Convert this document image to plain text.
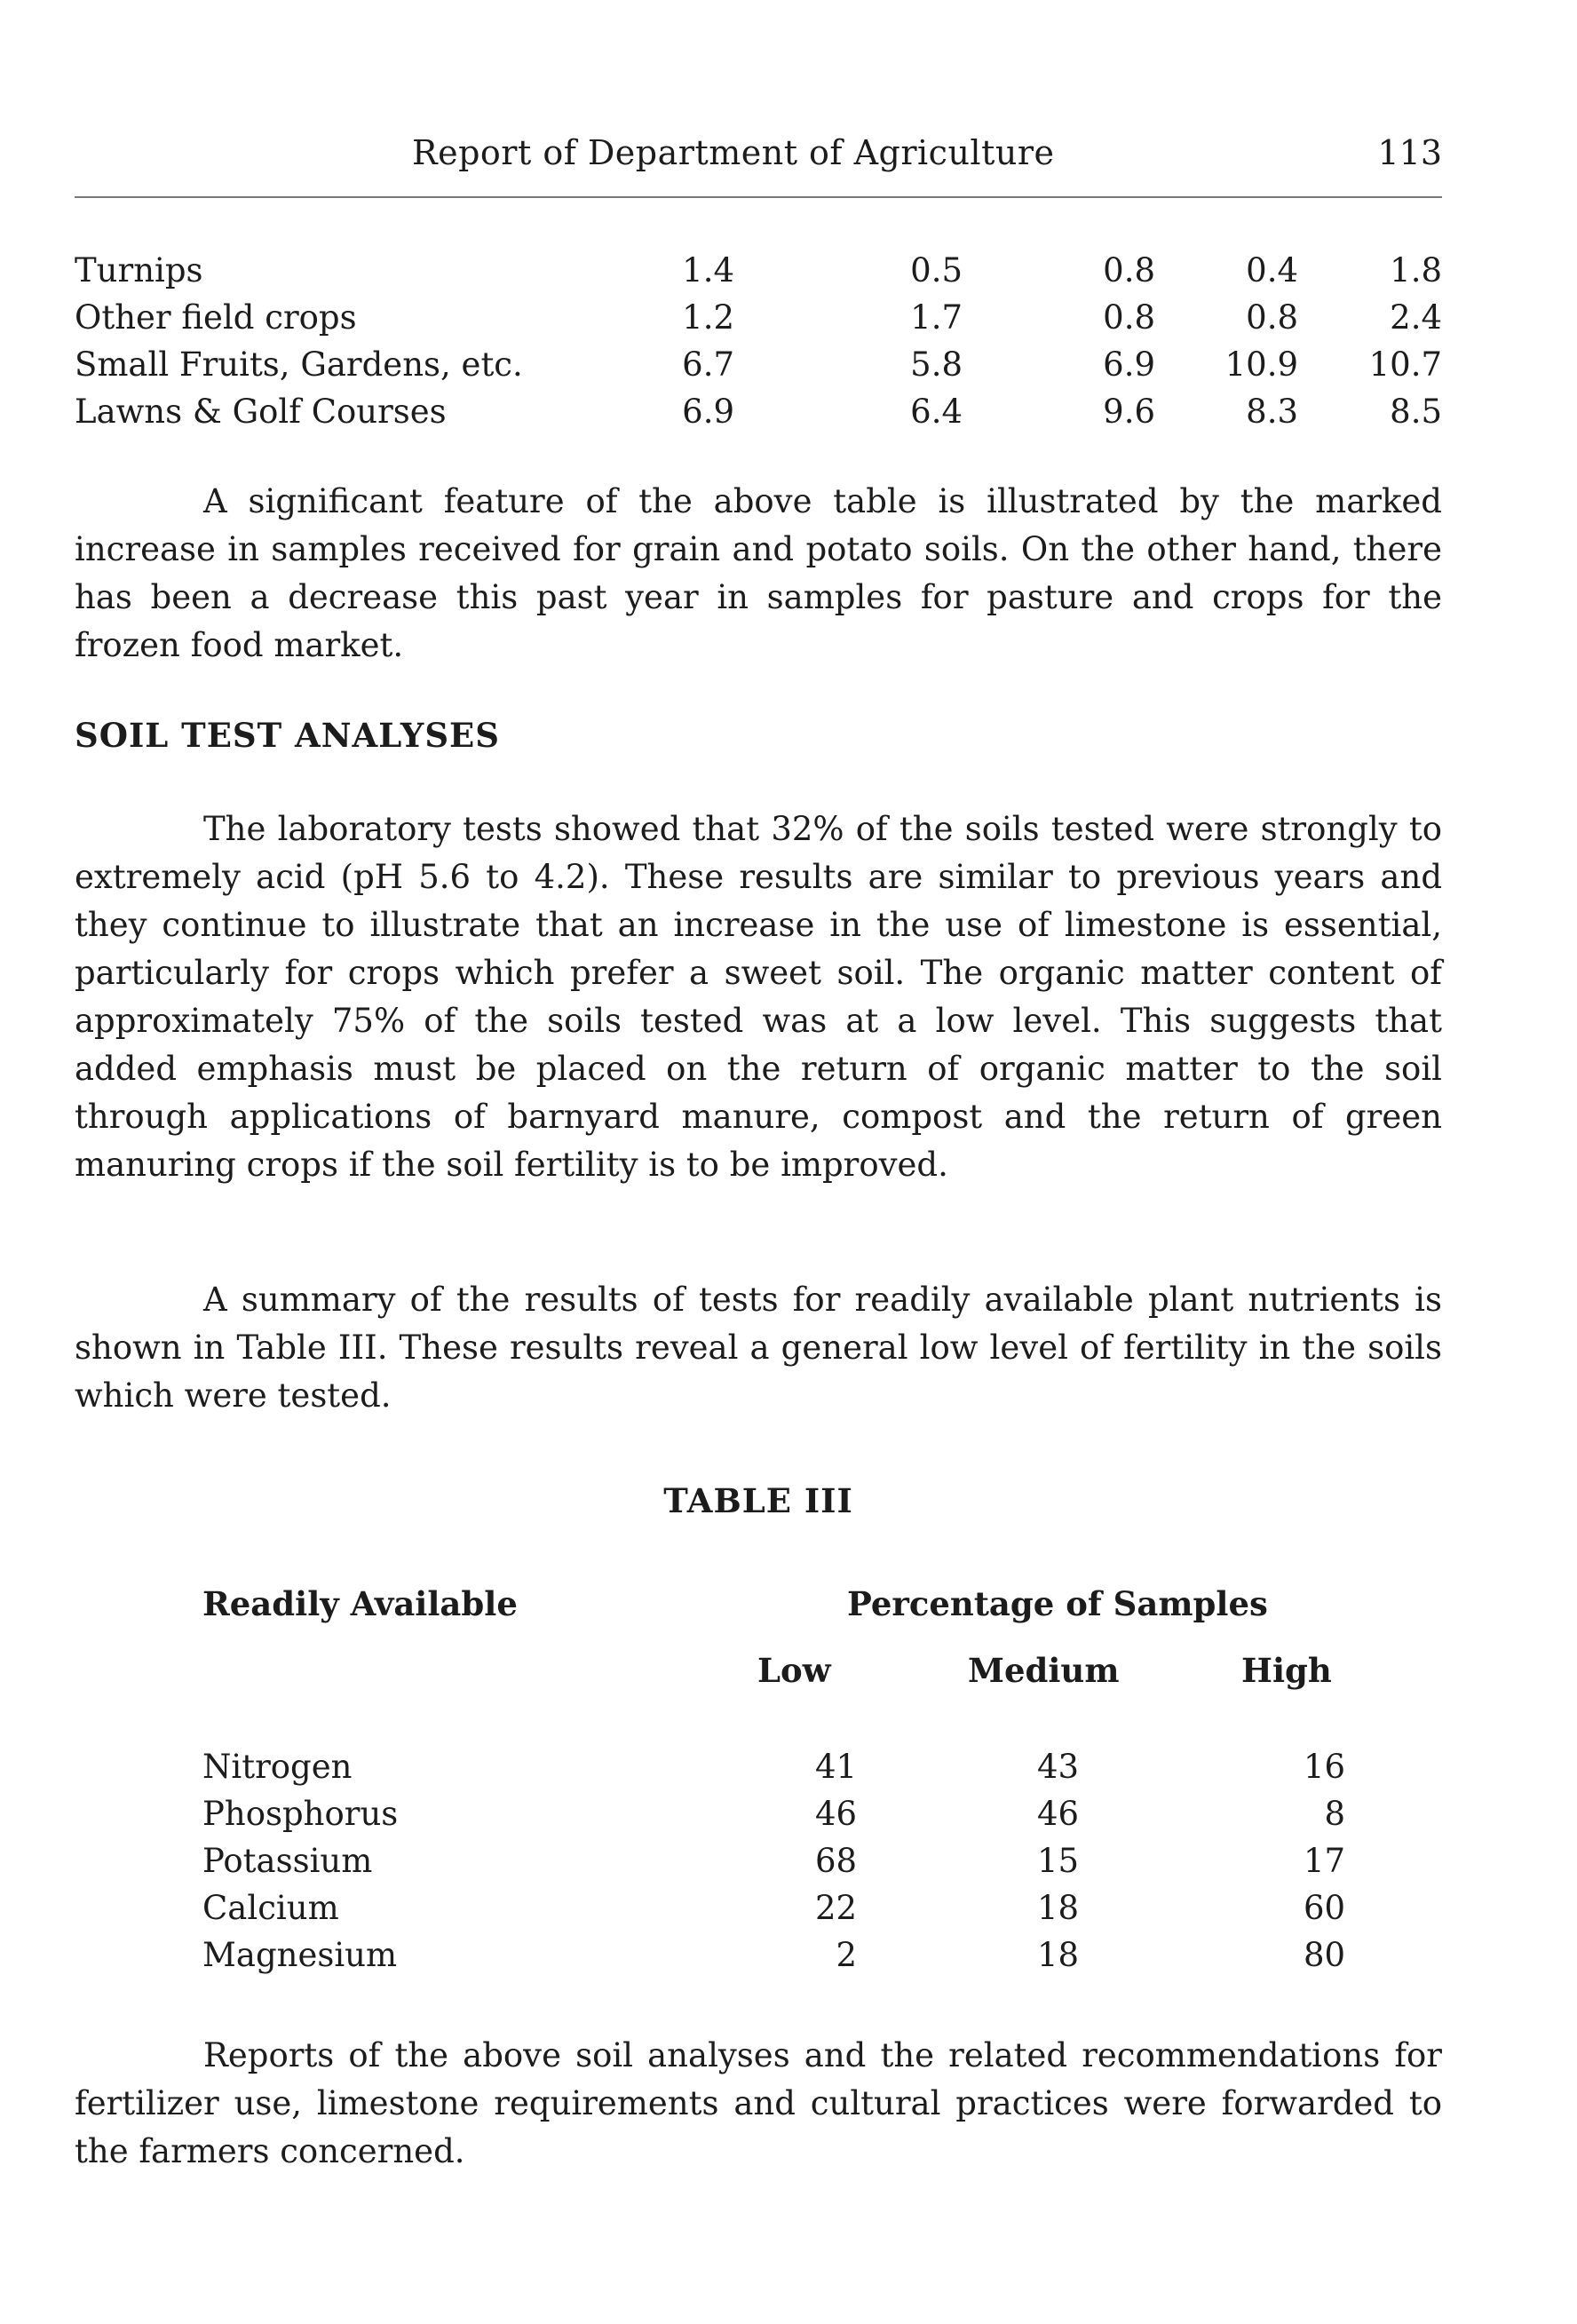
Report of Department of Agriculture	113
Turnips	1.4	0.5	0.8	0.4	1.8
Other field crops	1.2	1.7	0.8	0.8	2.4
Small Fruits, Gardens, etc.	6.7	5.8	6.9	10.9	10.7
Lawns & Golf Courses	6.9	6.4	9.6	8.3	8.5

A significant feature of the above table is illustrated by the marked increase in samples received for grain and potato soils. On the other hand, there has been a decrease this past year in samples for pasture and crops for the frozen food market.

SOIL TEST ANALYSES

The laboratory tests showed that 32% of the soils tested were strongly to extremely acid (pH 5.6 to 4.2). These results are similar to previous years and they continue to illustrate that an increase in the use of limestone is essential, particularly for crops which prefer a sweet soil. The organic matter content of approximately 75% of the soils tested was at a low level. This suggests that added emphasis must be placed on the return of organic matter to the soil through applications of barnyard manure, compost and the return of green manuring crops if the soil fertility is to be improved.

A summary of the results of tests for readily available plant nutrients is shown in Table III. These results reveal a general low level of fertility in the soils which were tested.

TABLE III
Readily Available	Percentage of Samples
Low	Medium	High
Nitrogen	41	43	16
Phosphorus	46	46	8
Potassium	68	15	17
Calcium	22	18	60
Magnesium	2	18	80

Reports of the above soil analyses and the related recommendations for fertilizer use, limestone requirements and cultural practices were forwarded to the farmers concerned.
